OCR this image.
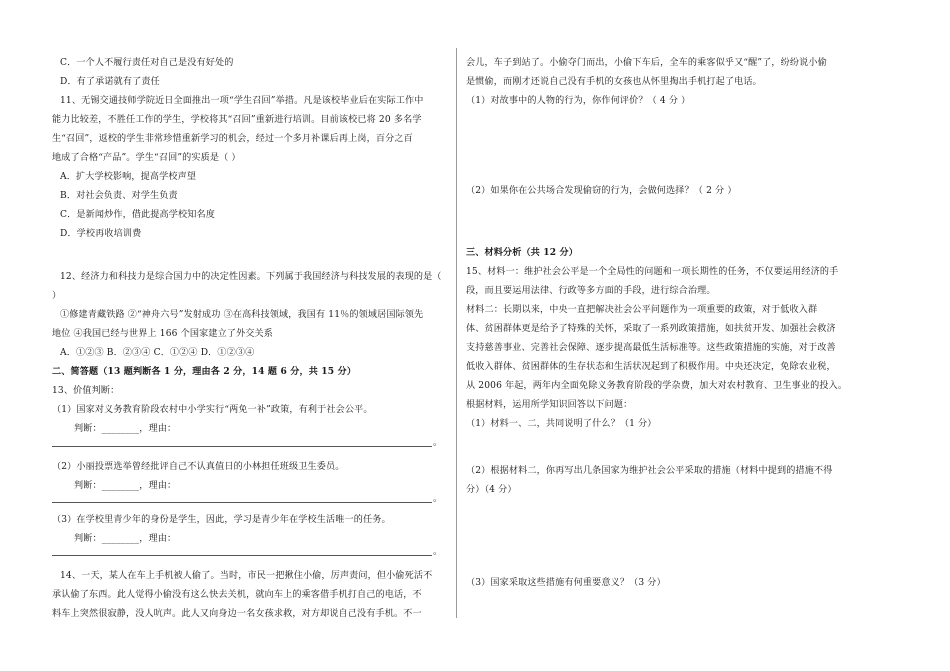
C．一个人不履行责任对自己是没有好处的
D．有了承诺就有了责任
11、无锡交通技师学院近日全面推出一项“学生召回”举措。凡是该校毕业后在实际工作中
能力比较差，不胜任工作的学生，学校将其“召回”重新进行培训。目前该校已将 20 多名学
生“召回”，返校的学生非常珍惜重新学习的机会，经过一个多月补课后再上岗，百分之百
地成了合格“产品”。学生“召回”的实质是（ ）
A．扩大学校影响，提高学校声望
B．对社会负责、对学生负责
C．是新闻炒作，借此提高学校知名度
D．学校再收培训费
12、经济力和科技力是综合国力中的决定性因素。下列属于我国经济与科技发展的表现的是（
）
①修建青藏铁路 ②“神舟六号”发射成功 ③在高科技领域，我国有 11％的领域居国际领先
地位 ④我国已经与世界上 166 个国家建立了外交关系
A．①②③ B．②③④ C．①②④ D．①②③④
二、简答题（13 题判断各 1 分，理由各 2 分，14 题 6 分，共 15 分）
13、价值判断：
（1）国家对义务教育阶段农村中小学实行“两免一补”政策，有利于社会公平。
判断：________，理由：
。
（2）小丽投票选举曾经批评自己不认真值日的小林担任班级卫生委员。
判断：________，理由：
。
（3）在学校里青少年的身份是学生，因此，学习是青少年在学校生活唯一的任务。
判断：________，理由：
。
14、一天，某人在车上手机被人偷了。当时，市民一把揪住小偷，厉声责问，但小偷死活不
承认偷了东西。此人觉得小偷没有这么快去关机，就向车上的乘客借手机打自己的电话，不
料车上突然很寂静，没人吭声。此人又向身边一名女孩求救，对方却说自己没有手机。不一
会儿，车子到站了。小偷夺门而出，小偷下车后，全车的乘客似乎又“醒”了，纷纷说小偷
是惯偷，而刚才还说自己没有手机的女孩也从怀里掏出手机打起了电话。
（1）对故事中的人物的行为，你作何评价？（ 4 分 ）
（2）如果你在公共场合发现偷窃的行为，会做何选择？（ 2 分 ）
三、材料分析（共 12 分）
15、材料一：维护社会公平是一个全局性的问题和一项长期性的任务，不仅要运用经济的手
段，而且要运用法律、行政等多方面的手段，进行综合治理。
材料二：长期以来，中央一直把解决社会公平问题作为一项重要的政策，对于低收入群
体、贫困群体更是给予了特殊的关怀，采取了一系列政策措施，如扶贫开发、加强社会救济
支持慈善事业、完善社会保障、逐步提高最低生活标准等。这些政策措施的实施，对于改善
低收入群体、贫困群体的生存状态和生活状况起到了积极作用。中央还决定，免除农业税，
从 2006 年起，两年内全面免除义务教育阶段的学杂费，加大对农村教育、卫生事业的投入。
根据材料，运用所学知识回答以下问题：
（1）材料一、二，共同说明了什么？（1 分）
（2）根据材料二，你再写出几条国家为维护社会公平采取的措施（材料中提到的措施不得
分）（4 分）
（3）国家采取这些措施有何重要意义？（3 分）
